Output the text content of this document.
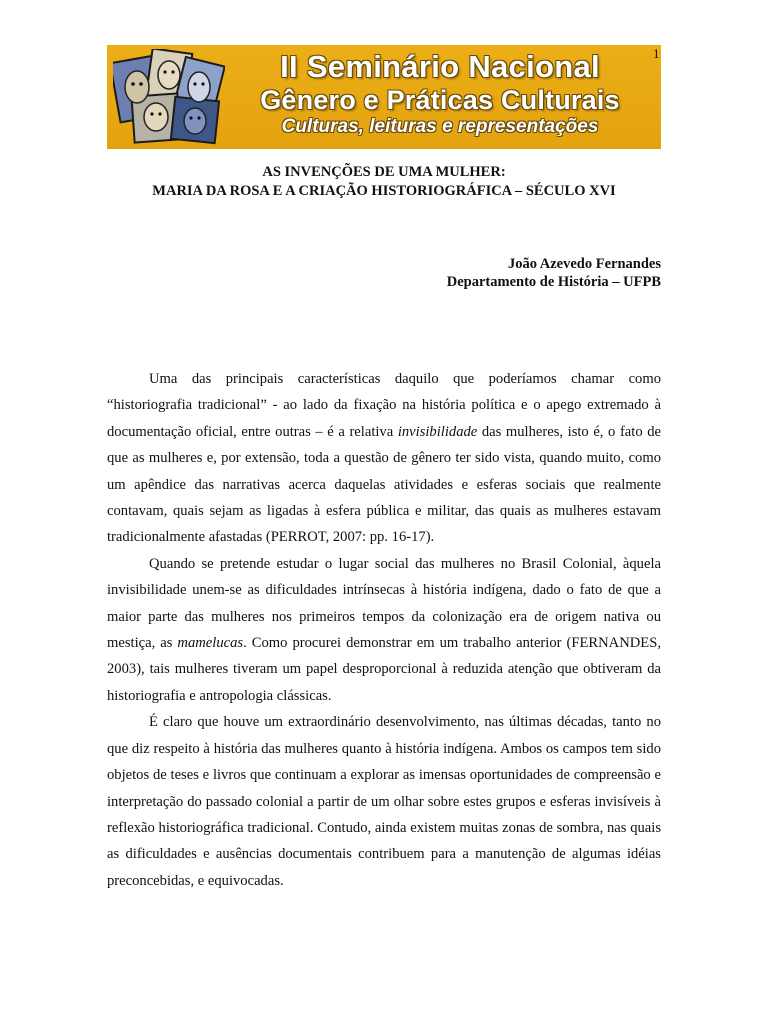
II Seminário Nacional
Gênero e Práticas Culturais
Culturas, leituras e representações
1
AS INVENÇÕES DE UMA MULHER:
MARIA DA ROSA E A CRIAÇÃO HISTORIOGRÁFICA – SÉCULO XVI
João Azevedo Fernandes
Departamento de História – UFPB

Uma das principais características daquilo que poderíamos chamar como “historiografia tradicional” - ao lado da fixação na história política e o apego extremado à documentação oficial, entre outras – é a relativa invisibilidade das mulheres, isto é, o fato de que as mulheres e, por extensão, toda a questão de gênero ter sido vista, quando muito, como um apêndice das narrativas acerca daquelas atividades e esferas sociais que realmente contavam, quais sejam as ligadas à esfera pública e militar, das quais as mulheres estavam tradicionalmente afastadas (PERROT, 2007: pp. 16-17).

Quando se pretende estudar o lugar social das mulheres no Brasil Colonial, àquela invisibilidade unem-se as dificuldades intrínsecas à história indígena, dado o fato de que a maior parte das mulheres nos primeiros tempos da colonização era de origem nativa ou mestiça, as mamelucas. Como procurei demonstrar em um trabalho anterior (FERNANDES, 2003), tais mulheres tiveram um papel desproporcional à reduzida atenção que obtiveram da historiografia e antropologia clássicas.

É claro que houve um extraordinário desenvolvimento, nas últimas décadas, tanto no que diz respeito à história das mulheres quanto à história indígena. Ambos os campos tem sido objetos de teses e livros que continuam a explorar as imensas oportunidades de compreensão e interpretação do passado colonial a partir de um olhar sobre estes grupos e esferas invisíveis à reflexão historiográfica tradicional. Contudo, ainda existem muitas zonas de sombra, nas quais as dificuldades e ausências documentais contribuem para a manutenção de algumas idéias preconcebidas, e equivocadas.
